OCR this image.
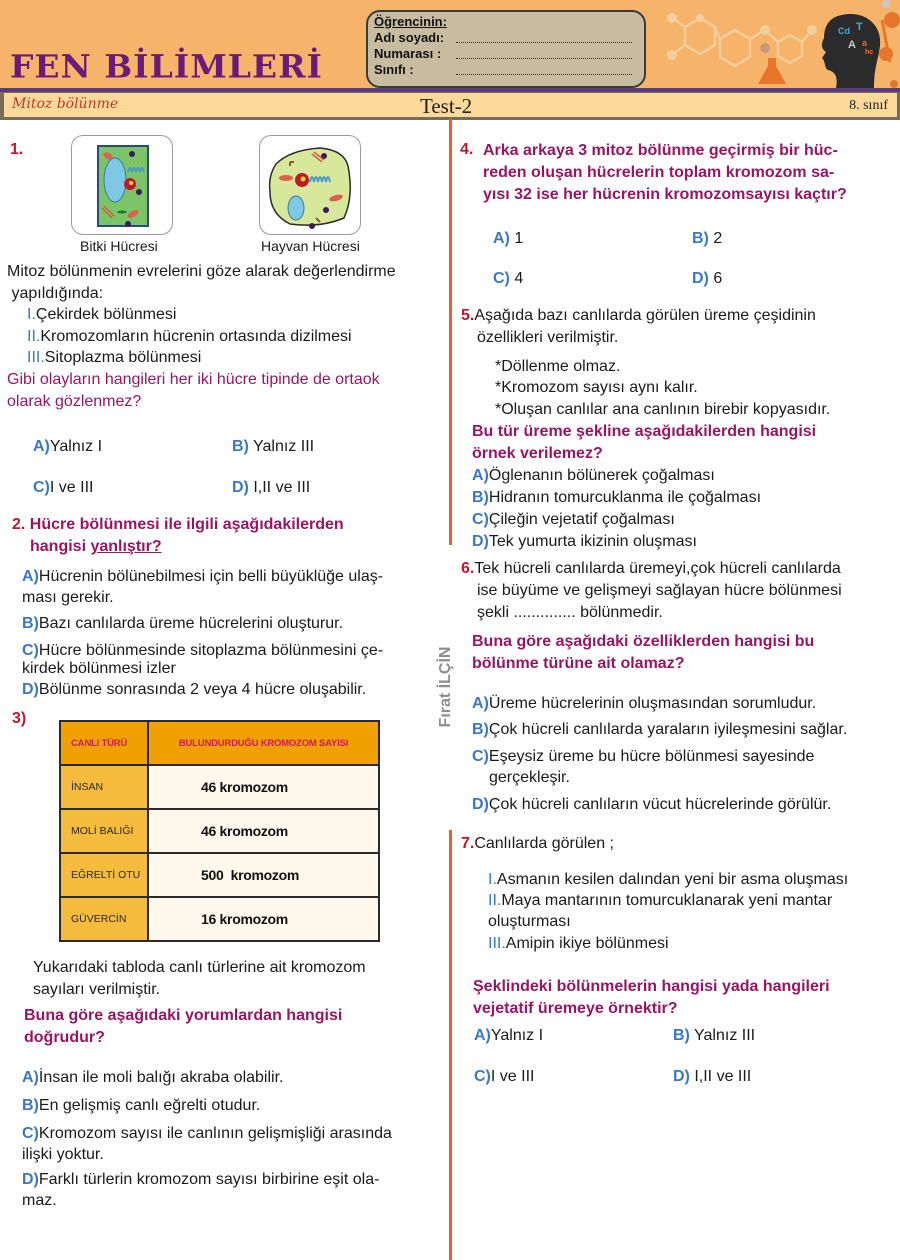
FEN BİLİMLERİ
Öğrencinin:
Adı soyadı:
Numarası :
Sınıfı :
Cd T
A a
hc
Mitoz bölünme	Test-2	8. sınıf
Fırat İLÇİN
1.
Bitki Hücresi	Hayvan Hücresi
Mitoz bölünmenin evrelerini göze alarak değerlendirme
yapıldığında:
I.Çekirdek bölünmesi
II.Kromozomların hücrenin ortasında dizilmesi
III.Sitoplazma bölünmesi
Gibi olayların hangileri her iki hücre tipinde de ortaok
olarak gözlenmez?
A)Yalnız I	B) Yalnız III
C)I ve III	D) I,II ve III
2. Hücre bölünmesi ile ilgili aşağıdakilerden
hangisi yanlıştır?
A)Hücrenin bölünebilmesi için belli büyüklüğe ulaş-
ması gerekir.
B)Bazı canlılarda üreme hücrelerini oluşturur.
C)Hücre bölünmesinde sitoplazma bölünmesini çe-
kirdek bölünmesi izler
D)Bölünme sonrasında 2 veya 4 hücre oluşabilir.
3)
CANLI TÜRÜ	BULUNDURDUĞU KROMOZOM SAYISI
İNSAN	46 kromozom
MOLİ BALIĞI	46 kromozom
EĞRELTİ OTU	500  kromozom
GÜVERCİN	16 kromozom
Yukarıdaki tabloda canlı türlerine ait kromozom
sayıları verilmiştir.
Buna göre aşağıdaki yorumlardan hangisi
doğrudur?
A)İnsan ile moli balığı akraba olabilir.
B)En gelişmiş canlı eğrelti otudur.
C)Kromozom sayısı ile canlının gelişmişliği arasında
ilişki yoktur.
D)Farklı türlerin kromozom sayısı birbirine eşit ola-
maz.
4. Arka arkaya 3 mitoz bölünme geçirmiş bir hüc-
reden oluşan hücrelerin toplam kromozom sa-
yısı 32 ise her hücrenin kromozomsayısı kaçtır?
A) 1	B) 2
C) 4	D) 6
5.Aşağıda bazı canlılarda görülen üreme çeşidinin
özellikleri verilmiştir.
*Döllenme olmaz.
*Kromozom sayısı aynı kalır.
*Oluşan canlılar ana canlının birebir kopyasıdır.
Bu tür üreme şekline aşağıdakilerden hangisi
örnek verilemez?
A)Öglenanın bölünerek çoğalması
B)Hidranın tomurcuklanma ile çoğalması
C)Çileğin vejetatif çoğalması
D)Tek yumurta ikizinin oluşması
6.Tek hücreli canlılarda üremeyi,çok hücreli canlılarda
ise büyüme ve gelişmeyi sağlayan hücre bölünmesi
şekli .............. bölünmedir.
Buna göre aşağıdaki özelliklerden hangisi bu
bölünme türüne ait olamaz?
A)Üreme hücrelerinin oluşmasından sorumludur.
B)Çok hücreli canlılarda yaraların iyileşmesini sağlar.
C)Eşeysiz üreme bu hücre bölünmesi sayesinde
gerçekleşir.
D)Çok hücreli canlıların vücut hücrelerinde görülür.
7.Canlılarda görülen ;
I.Asmanın kesilen dalından yeni bir asma oluşması
II.Maya mantarının tomurcuklanarak yeni mantar
oluşturması
III.Amipin ikiye bölünmesi
Şeklindeki bölünmelerin hangisi yada hangileri
vejetatif üremeye örnektir?
A)Yalnız I	B) Yalnız III
C)I ve III	D) I,II ve III
